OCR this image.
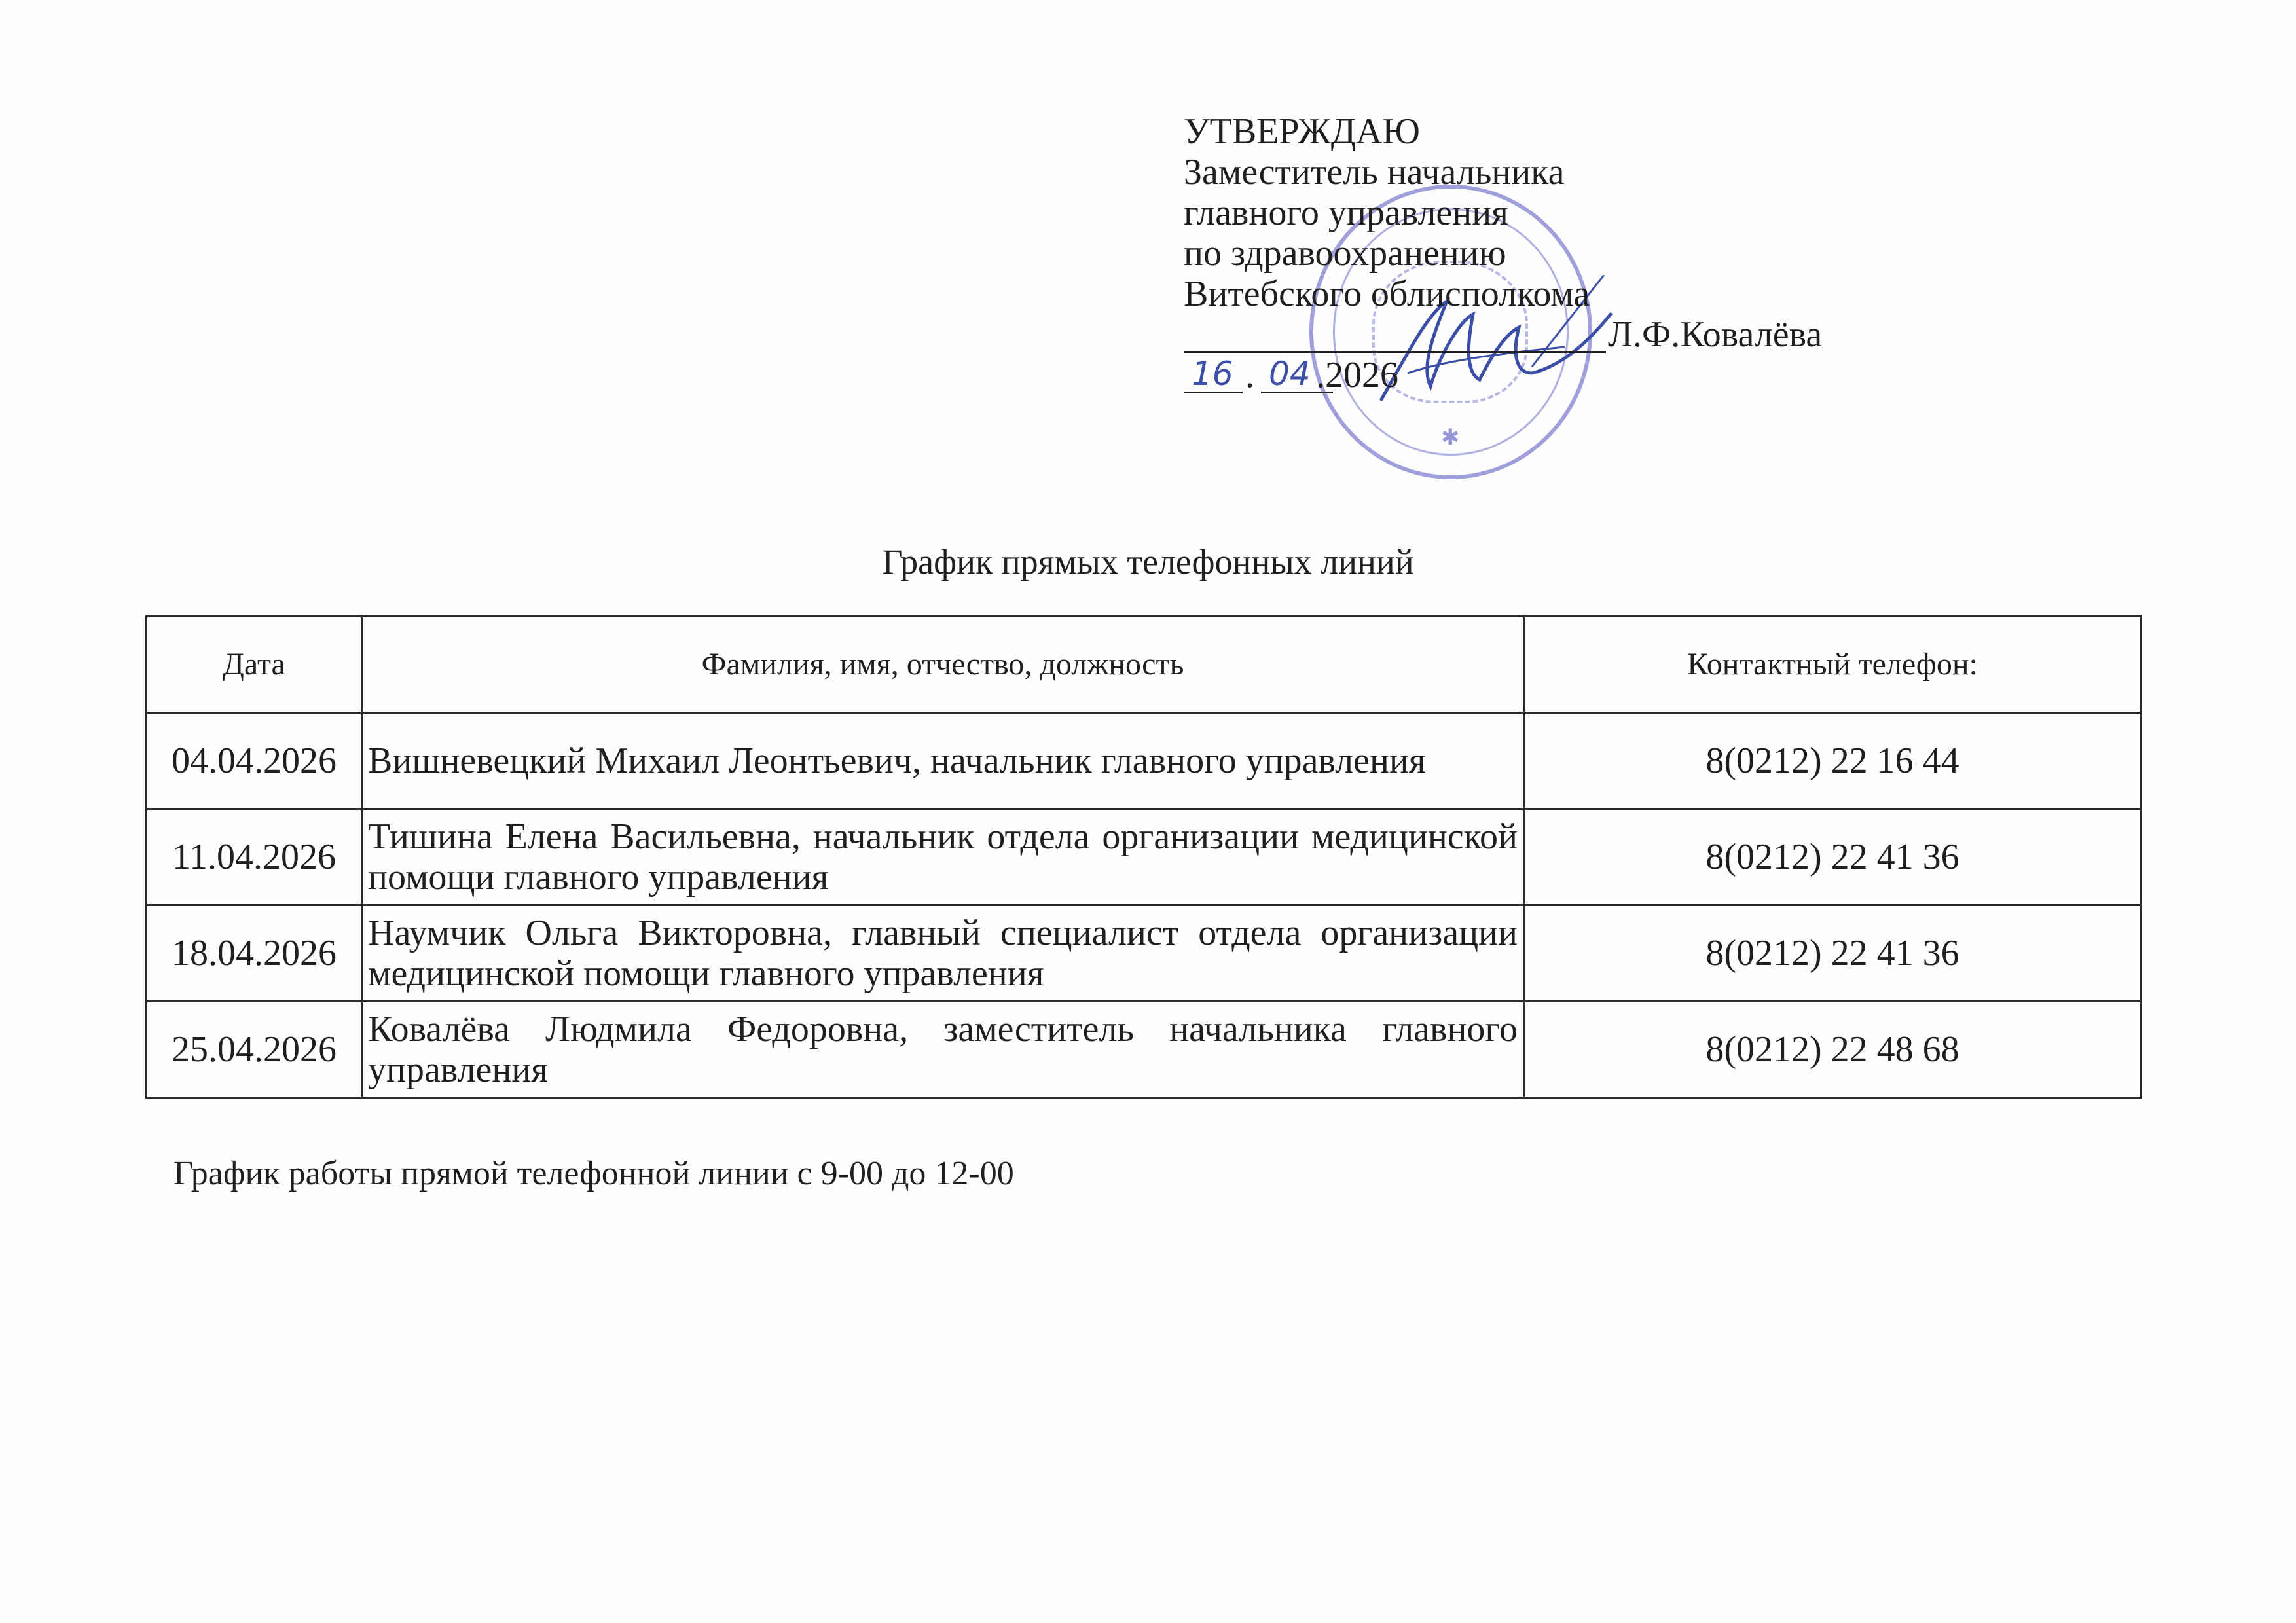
УТВЕРЖДАЮ
Заместитель начальника
главного управления
по здравоохранению
Витебского облисполкома
Л.Ф.Ковалёва
16 . 04 .2026
✱
График прямых телефонных линий
Дата	Фамилия, имя, отчество, должность	Контактный телефон:
04.04.2026	Вишневецкий Михаил Леонтьевич, начальник главного управления	8(0212) 22 16 44
11.04.2026	Тишина Елена Васильевна, начальник отдела организации медицинской помощи главного управления	8(0212) 22 41 36
18.04.2026	Наумчик Ольга Викторовна, главный специалист отдела организации медицинской помощи главного управления	8(0212) 22 41 36
25.04.2026	Ковалёва Людмила Федоровна, заместитель начальника главного управления	8(0212) 22 48 68
График работы прямой телефонной линии с 9-00 до 12-00
